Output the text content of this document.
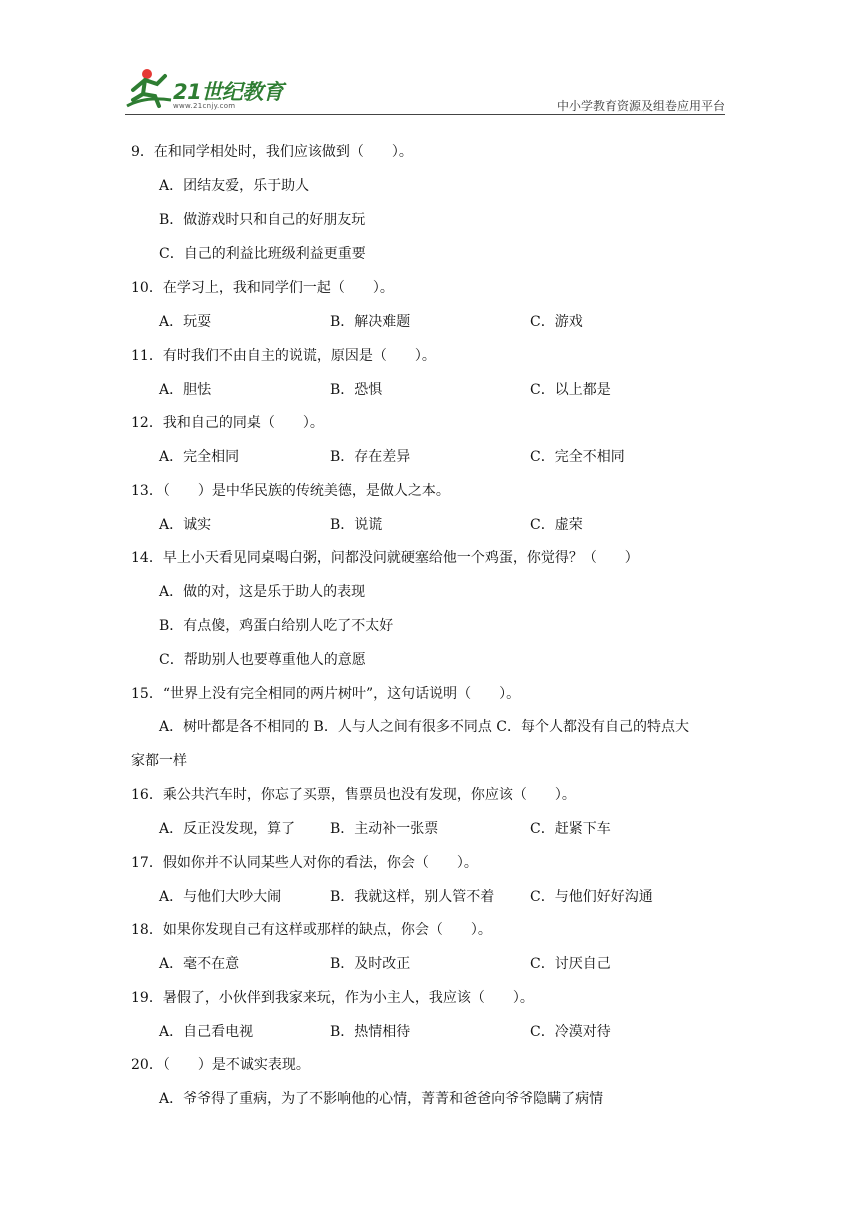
21世纪教育
www.21cnjy.com	中小学教育资源及组卷应用平台
9．在和同学相处时，我们应该做到（　　）。
A．团结友爱，乐于助人
B．做游戏时只和自己的好朋友玩
C．自己的利益比班级利益更重要
10．在学习上，我和同学们一起（　　）。
A．玩耍	B．解决难题	C．游戏
11．有时我们不由自主的说谎，原因是（　　）。
A．胆怯	B．恐惧	C．以上都是
12．我和自己的同桌（　　）。
A．完全相同	B．存在差异	C．完全不相同
13．（　　）是中华民族的传统美德，是做人之本。
A．诚实	B．说谎	C．虚荣
14．早上小天看见同桌喝白粥，问都没问就硬塞给他一个鸡蛋，你觉得？（　　）
A．做的对，这是乐于助人的表现
B．有点傻，鸡蛋白给别人吃了不太好
C．帮助别人也要尊重他人的意愿
15．“世界上没有完全相同的两片树叶”，这句话说明（　　）。
A．树叶都是各不相同的 B．人与人之间有很多不同点 C．每个人都没有自己的特点大
家都一样
16．乘公共汽车时，你忘了买票，售票员也没有发现，你应该（　　）。
A．反正没发现，算了 B．主动补一张票	C．赶紧下车
17．假如你并不认同某些人对你的看法，你会（　　）。
A．与他们大吵大闹	B．我就这样，别人管不着	C．与他们好好沟通
18．如果你发现自己有这样或那样的缺点，你会（　　）。
A．毫不在意	B．及时改正	C．讨厌自己
19．暑假了，小伙伴到我家来玩，作为小主人，我应该（　　）。
A．自己看电视	B．热情相待	C．冷漠对待
20．（　　）是不诚实表现。
A．爷爷得了重病，为了不影响他的心情，菁菁和爸爸向爷爷隐瞒了病情
